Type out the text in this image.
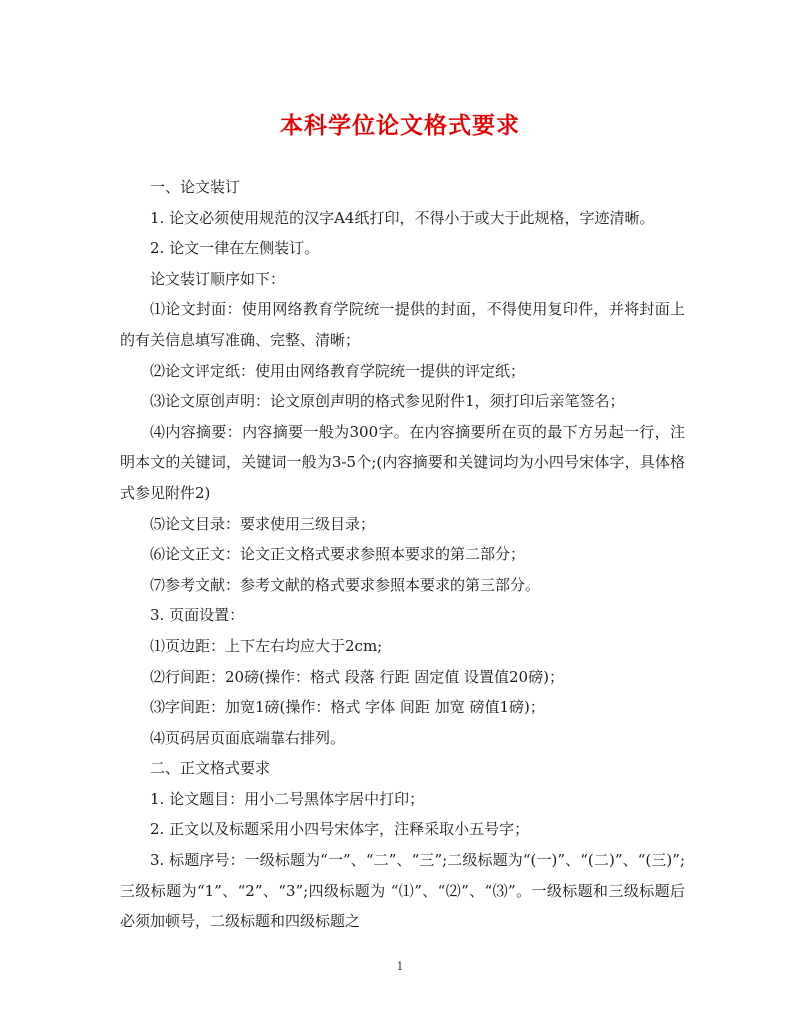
本科学位论文格式要求

一、论文装订

1. 论文必须使用规范的汉字A4纸打印，不得小于或大于此规格，字迹清晰。

2. 论文一律在左侧装订。

论文装订顺序如下：

⑴论文封面：使用网络教育学院统一提供的封面，不得使用复印件，并将封面上的有关信息填写准确、完整、清晰；

⑵论文评定纸：使用由网络教育学院统一提供的评定纸；

⑶论文原创声明：论文原创声明的格式参见附件1，须打印后亲笔签名；

⑷内容摘要：内容摘要一般为300字。在内容摘要所在页的最下方另起一行，注明本文的关键词，关键词一般为3-5个;(内容摘要和关键词均为小四号宋体字，具体格式参见附件2)

⑸论文目录：要求使用三级目录；

⑹论文正文：论文正文格式要求参照本要求的第二部分；

⑺参考文献：参考文献的格式要求参照本要求的第三部分。

3. 页面设置：

⑴页边距：上下左右均应大于2cm;

⑵行间距：20磅(操作：格式 段落 行距 固定值 设置值20磅)；

⑶字间距：加宽1磅(操作：格式 字体 间距 加宽 磅值1磅)；

⑷页码居页面底端靠右排列。

二、正文格式要求

1. 论文题目：用小二号黑体字居中打印；

2. 正文以及标题采用小四号宋体字，注释采取小五号字；

3. 标题序号：一级标题为“一”、“二”、“三”;二级标题为“(一)”、“(二)”、“(三)”;三级标题为“1”、“2”、“3”;四级标题为 “⑴”、“⑵”、“⑶”。一级标题和三级标题后必须加顿号，二级标题和四级标题之

1
